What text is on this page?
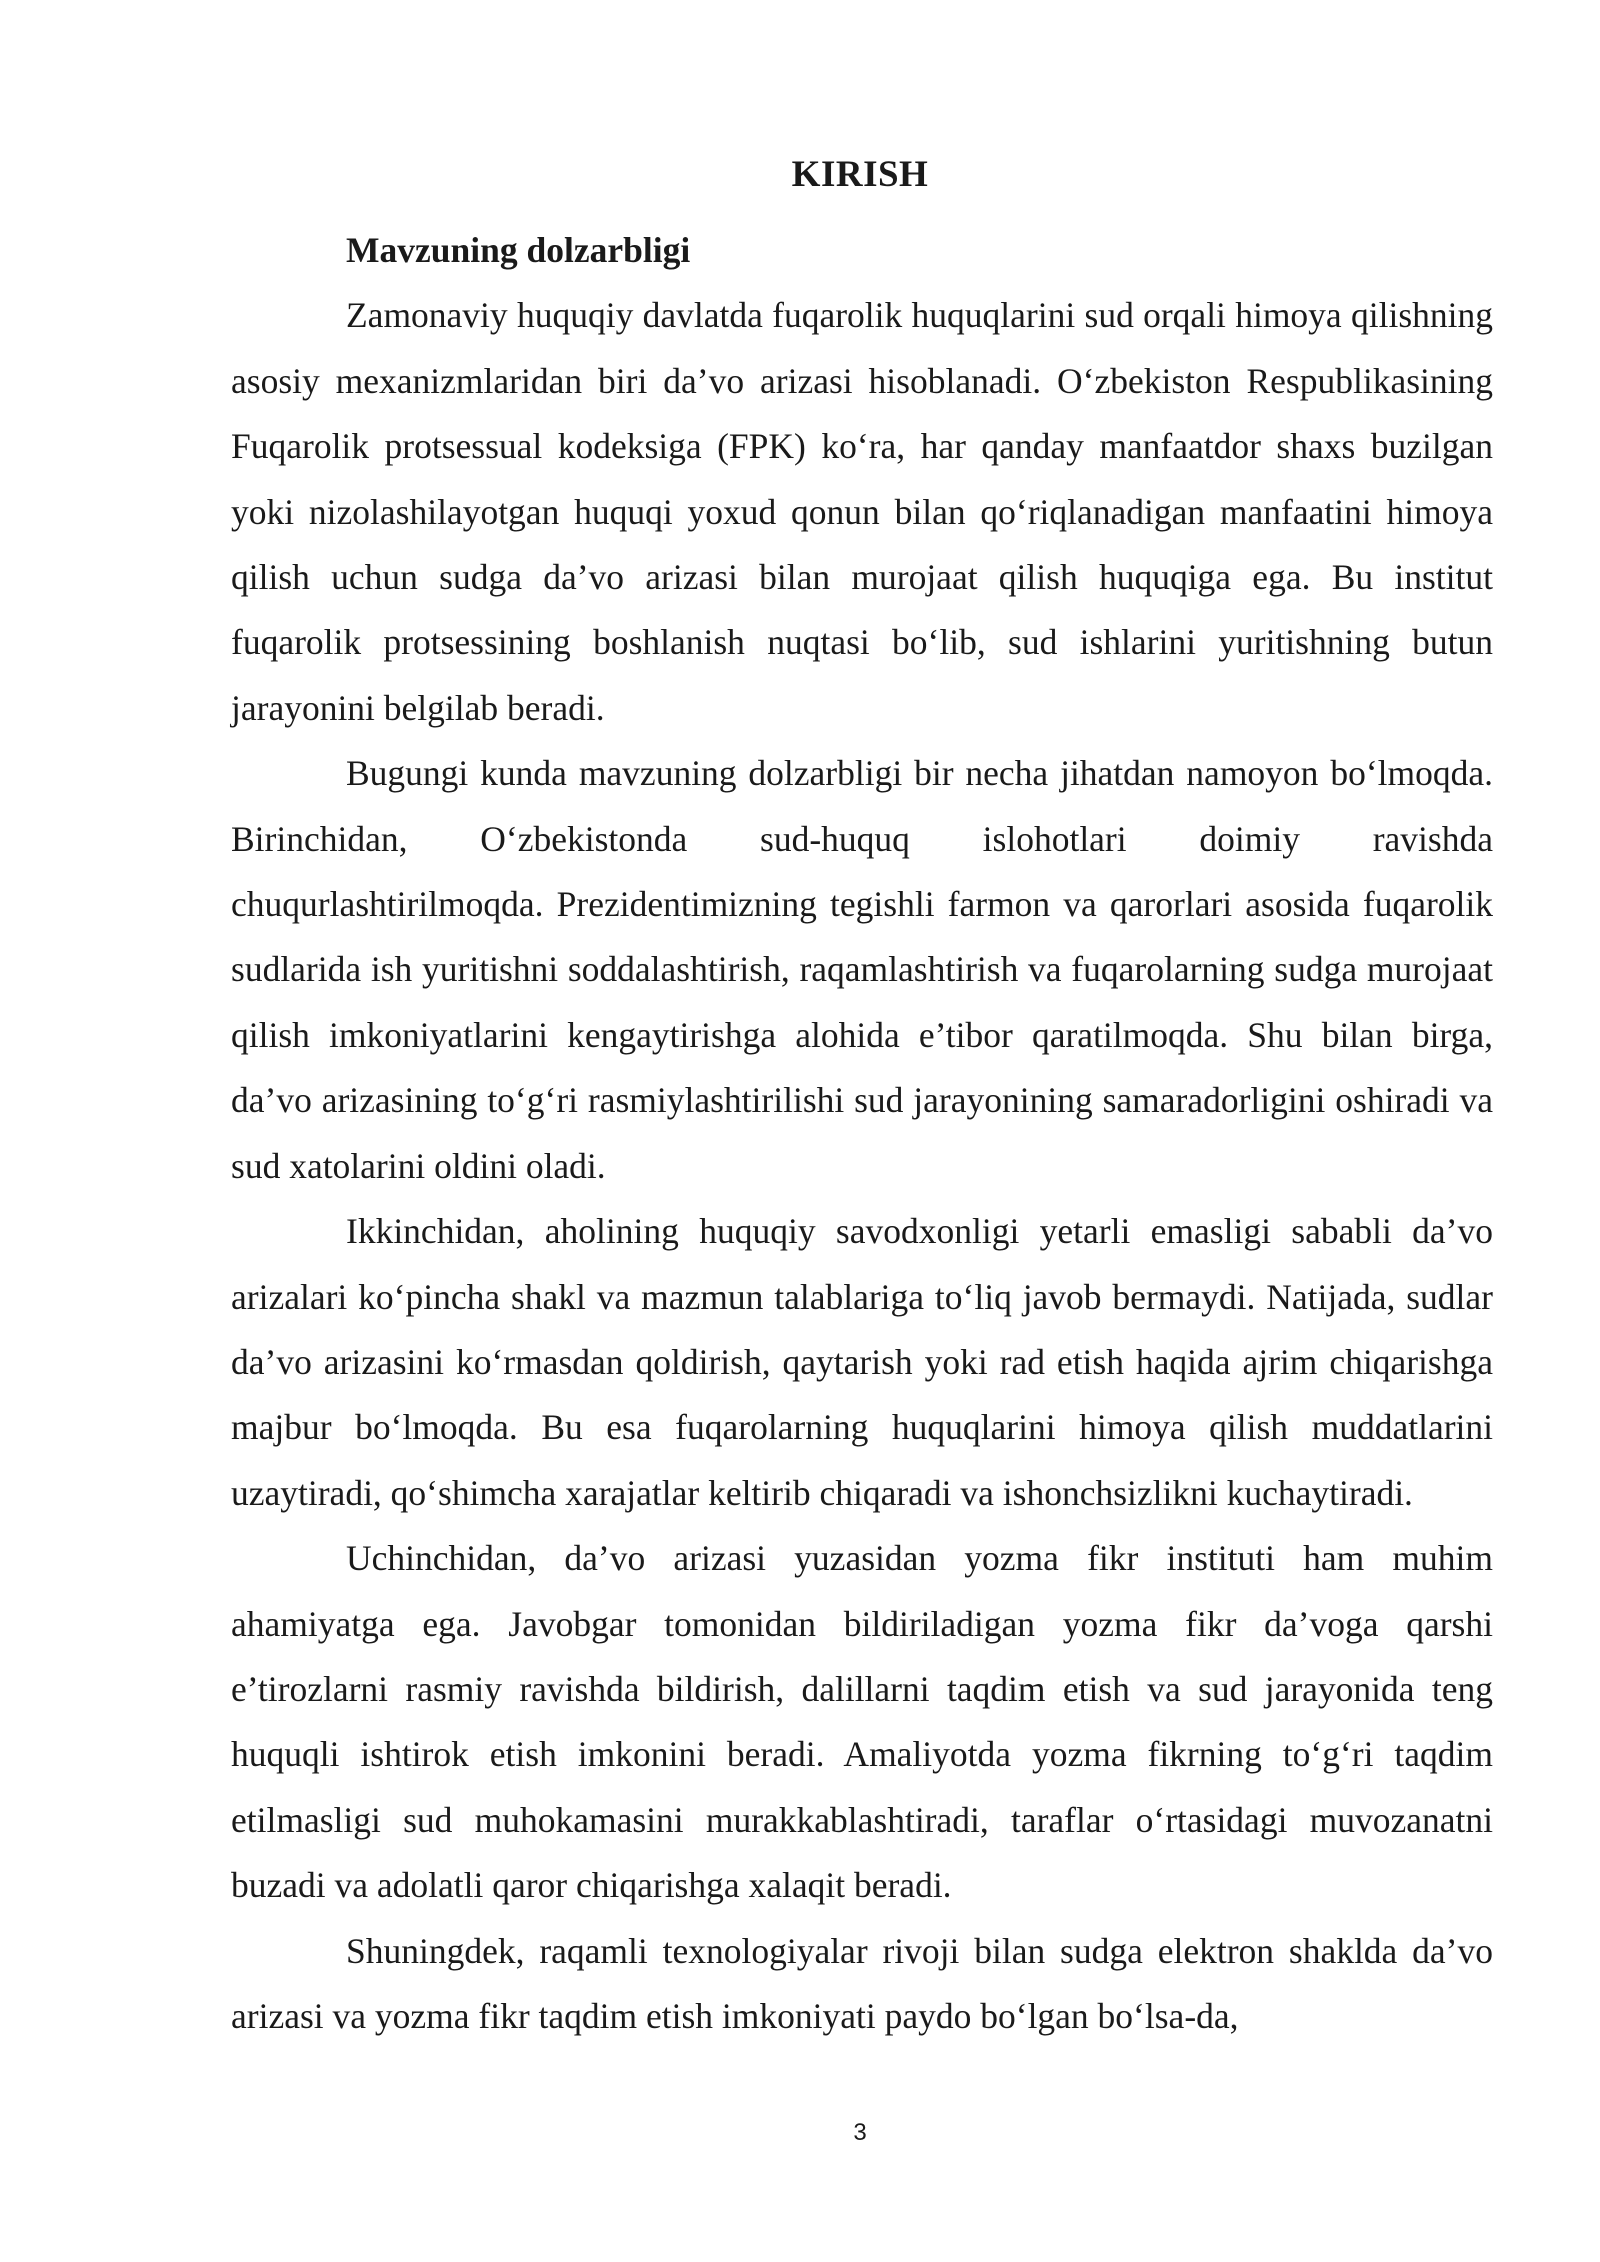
KIRISH

Mavzuning dolzarbligi

Zamonaviy huquqiy davlatda fuqarolik huquqlarini sud orqali himoya qilishning asosiy mexanizmlaridan biri da’vo arizasi hisoblanadi. O‘zbekiston Respublikasining Fuqarolik protsessual kodeksiga (FPK) ko‘ra, har qanday manfaatdor shaxs buzilgan yoki nizolashilayotgan huquqi yoxud qonun bilan qo‘riqlanadigan manfaatini himoya qilish uchun sudga da’vo arizasi bilan murojaat qilish huquqiga ega. Bu institut fuqarolik protsessining boshlanish nuqtasi bo‘lib, sud ishlarini yuritishning butun jarayonini belgilab beradi.

Bugungi kunda mavzuning dolzarbligi bir necha jihatdan namoyon bo‘lmoqda. Birinchidan, O‘zbekistonda sud-huquq islohotlari doimiy ravishda chuqurlashtirilmoqda. Prezidentimizning tegishli farmon va qarorlari asosida fuqarolik sudlarida ish yuritishni soddalashtirish, raqamlashtirish va fuqarolarning sudga murojaat qilish imkoniyatlarini kengaytirishga alohida e’tibor qaratilmoqda. Shu bilan birga, da’vo arizasining to‘g‘ri rasmiylashtirilishi sud jarayonining samaradorligini oshiradi va sud xatolarini oldini oladi.

Ikkinchidan, aholining huquqiy savodxonligi yetarli emasligi sababli da’vo arizalari ko‘pincha shakl va mazmun talablariga to‘liq javob bermaydi. Natijada, sudlar da’vo arizasini ko‘rmasdan qoldirish, qaytarish yoki rad etish haqida ajrim chiqarishga majbur bo‘lmoqda. Bu esa fuqarolarning huquqlarini himoya qilish muddatlarini uzaytiradi, qo‘shimcha xarajatlar keltirib chiqaradi va ishonchsizlikni kuchaytiradi.

Uchinchidan, da’vo arizasi yuzasidan yozma fikr instituti ham muhim ahamiyatga ega. Javobgar tomonidan bildiriladigan yozma fikr da’voga qarshi e’tirozlarni rasmiy ravishda bildirish, dalillarni taqdim etish va sud jarayonida teng huquqli ishtirok etish imkonini beradi. Amaliyotda yozma fikrning to‘g‘ri taqdim etilmasligi sud muhokamasini murakkablashtiradi, taraflar o‘rtasidagi muvozanatni buzadi va adolatli qaror chiqarishga xalaqit beradi.

Shuningdek, raqamli texnologiyalar rivoji bilan sudga elektron shaklda da’vo arizasi va yozma fikr taqdim etish imkoniyati paydo bo‘lgan bo‘lsa-da,

3
